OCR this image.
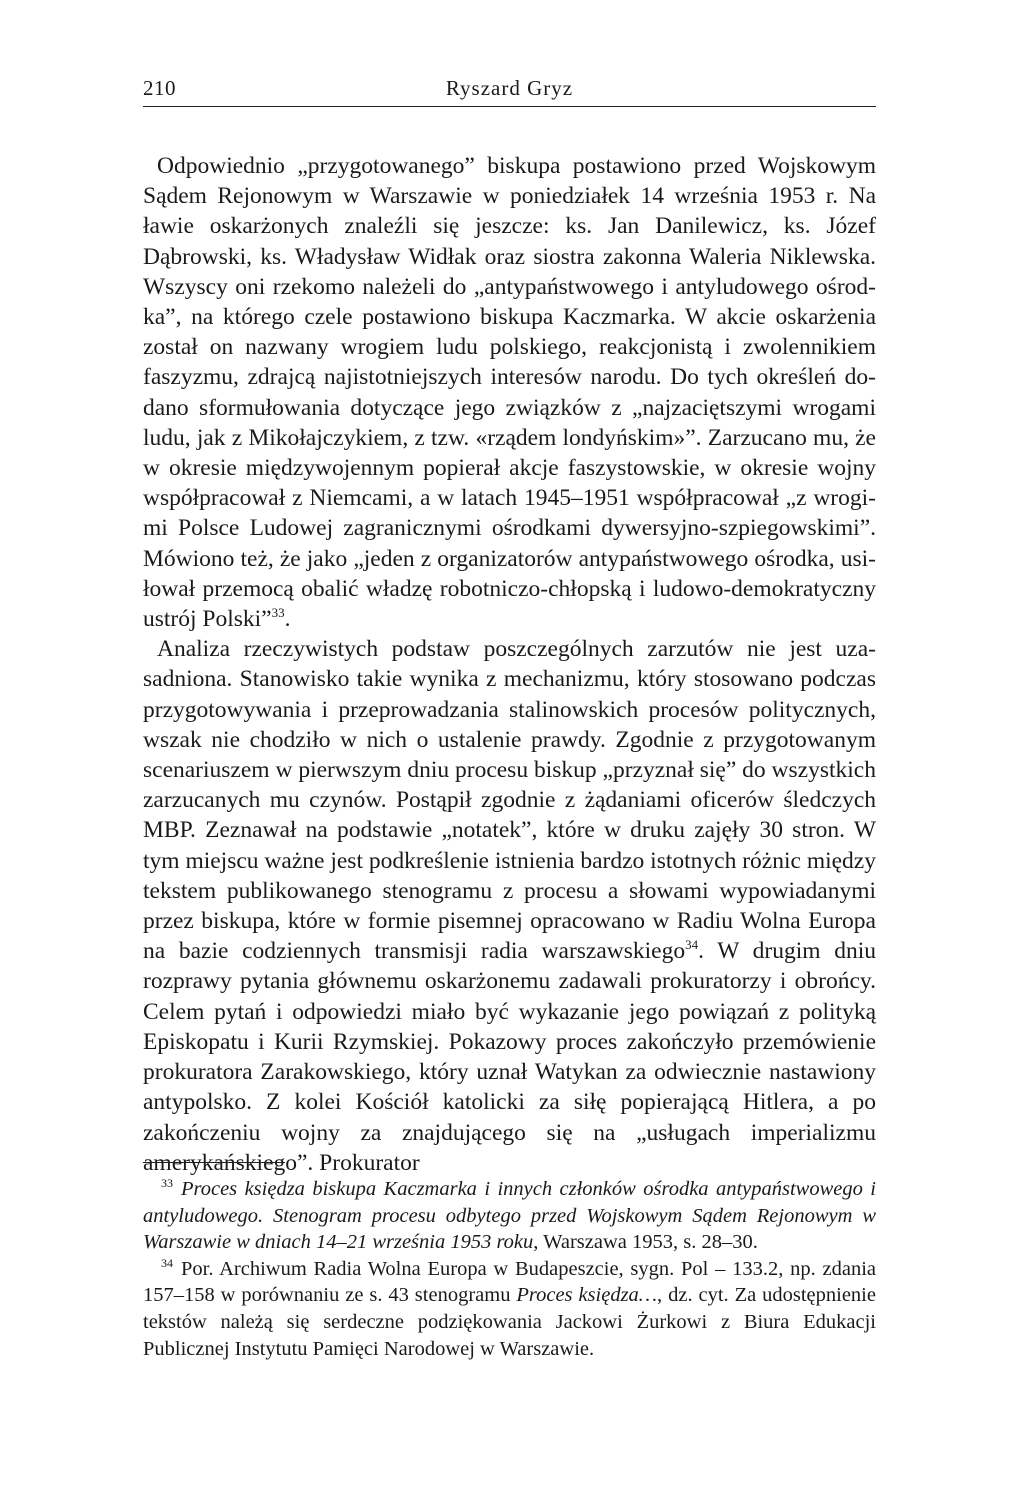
210	Ryszard Gryz

Odpowiednio „przygotowanego” biskupa postawiono przed Wojskowym Sądem Rejonowym w Warszawie w poniedziałek 14 września 1953 r. Na ławie oskarżonych znaleźli się jeszcze: ks. Jan Danilewicz, ks. Józef Dąbrowski, ks. Władysław Widłak oraz siostra zakonna Waleria Niklewska. Wszyscy oni rzekomo należeli do „antypaństwowego i antyludowego ośrodka”, na którego czele postawiono biskupa Kaczmarka. W akcie oskarżenia został on nazwany wrogiem ludu polskiego, reakcjonistą i zwolennikiem faszyzmu, zdrajcą najistotniejszych interesów narodu. Do tych określeń dodano sformułowania dotyczące jego związków z „najzaciętszymi wrogami ludu, jak z Mikołajczykiem, z tzw. «rządem londyńskim»”. Zarzucano mu, że w okresie międzywojennym popierał akcje faszystowskie, w okresie wojny współpracował z Niemcami, a w latach 1945–1951 współpracował „z wrogimi Polsce Ludowej zagranicznymi ośrodkami dywersyjno-szpiegowskimi”. Mówiono też, że jako „jeden z organizatorów antypaństwowego ośrodka, usiłował przemocą obalić władzę robotniczo-chłopską i ludowo-demokratyczny ustrój Polski”$^{33}$.

Analiza rzeczywistych podstaw poszczególnych zarzutów nie jest uzasadniona. Stanowisko takie wynika z mechanizmu, który stosowano podczas przygotowywania i przeprowadzania stalinowskich procesów politycznych, wszak nie chodziło w nich o ustalenie prawdy. Zgodnie z przygotowanym scenariuszem w pierwszym dniu procesu biskup „przyznał się” do wszystkich zarzucanych mu czynów. Postąpił zgodnie z żądaniami oficerów śledczych MBP. Zeznawał na podstawie „notatek”, które w druku zajęły 30 stron. W tym miejscu ważne jest podkreślenie istnienia bardzo istotnych różnic między tekstem publikowanego stenogramu z procesu a słowami wypowiadanymi przez biskupa, które w formie pisemnej opracowano w Radiu Wolna Europa na bazie codziennych transmisji radia warszawskiego$^{34}$. W drugim dniu rozprawy pytania głównemu oskarżonemu zadawali prokuratorzy i obrońcy. Celem pytań i odpowiedzi miało być wykazanie jego powiązań z polityką Episkopatu i Kurii Rzymskiej. Pokazowy proces zakończyło przemówienie prokuratora Zarakowskiego, który uznał Watykan za odwiecznie nastawiony antypolsko. Z kolei Kościół katolicki za siłę popierającą Hitlera, a po zakończeniu wojny za znajdującego się na „usługach imperializmu amerykańskiego”. Prokurator

$^{33}$ Proces księdza biskupa Kaczmarka i innych członków ośrodka antypaństwowego i antyludowego. Stenogram procesu odbytego przed Wojskowym Sądem Rejonowym w Warszawie w dniach 14–21 września 1953 roku, Warszawa 1953, s. 28–30.

$^{34}$ Por. Archiwum Radia Wolna Europa w Budapeszcie, sygn. Pol – 133.2, np. zdania 157–158 w porównaniu ze s. 43 stenogramu Proces księdza…, dz. cyt. Za udostępnienie tekstów należą się serdeczne podziękowania Jackowi Żurkowi z Biura Edukacji Publicznej Instytutu Pamięci Narodowej w Warszawie.
